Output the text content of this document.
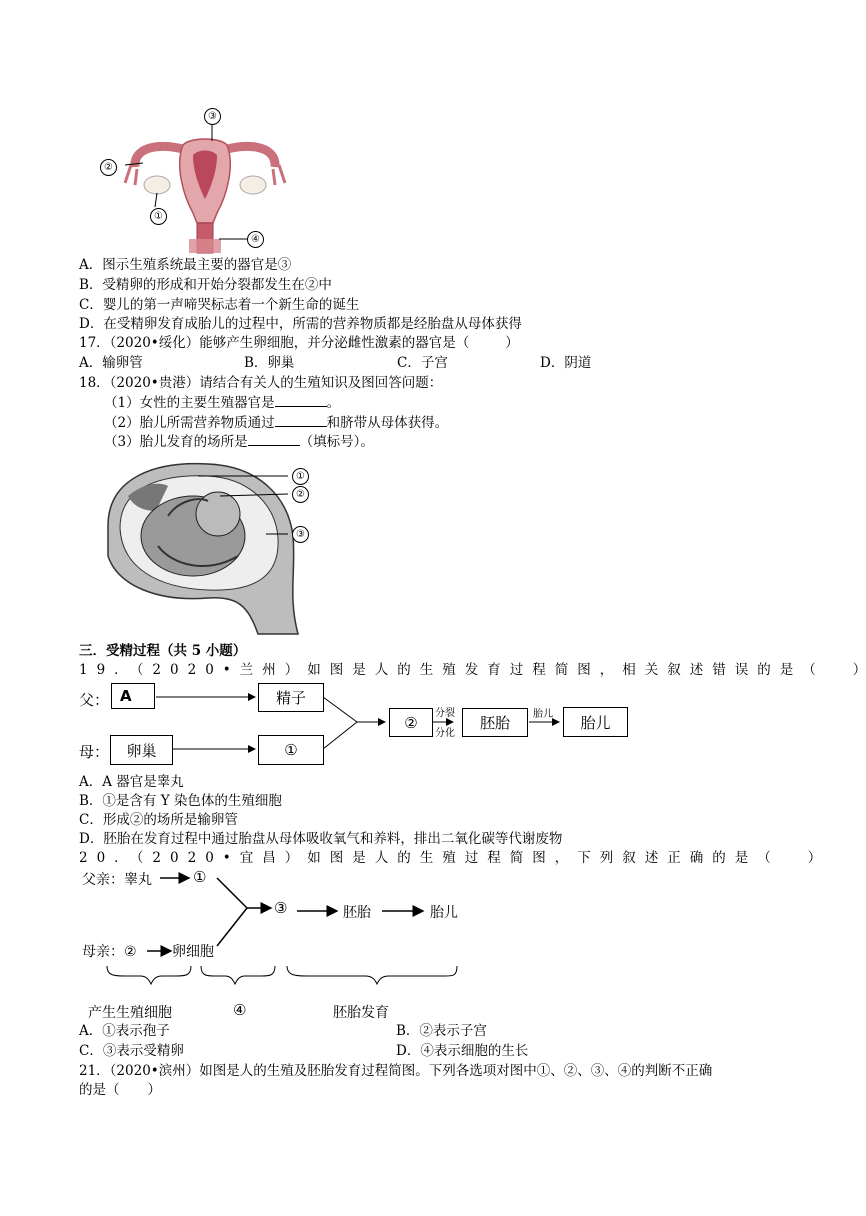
③
②
①
④
A．图示生殖系统最主要的器官是③
B．受精卵的形成和开始分裂都发生在②中
C．婴儿的第一声啼哭标志着一个新生命的诞生
D．在受精卵发育成胎儿的过程中，所需的营养物质都是经胎盘从母体获得
17．（2020•绥化）能够产生卵细胞，并分泌雌性激素的器官是（	）
A．输卵管	B．卵巢	C．子宫	D．阴道
18．（2020•贵港）请结合有关人的生殖知识及图回答问题：
（1）女性的主要生殖器官是	。
（2）胎儿所需营养物质通过	和脐带从母体获得。
（3）胎儿发育的场所是	（填标号）。
①
②
③
三．受精过程（共 5 小题）
19．（2020•兰州）如图是人的生殖发育过程简图，相关叙述错误的是（ ）
父： A	精子
母：	卵巢	①
②	分裂
分化
胚胎	胎儿	胎儿
A．A 器官是睾丸
B．①是含有 Y 染色体的生殖细胞
C．形成②的场所是输卵管
D．胚胎在发育过程中通过胎盘从母体吸收氧气和养料，排出二氧化碳等代谢废物
20．（2020•宜昌）如图是人的生殖过程简图，下列叙述正确的是（ ）
父亲：睾丸	①
③	胚胎	胎儿
母亲：②	卵细胞
产生生殖细胞	④	胚胎发育
A．①表示孢子	B．②表示子宫
C．③表示受精卵	D．④表示细胞的生长
21．（2020•滨州）如图是人的生殖及胚胎发育过程简图。下列各选项对图中①、②、③、④的判断不正确
的是（ ）
